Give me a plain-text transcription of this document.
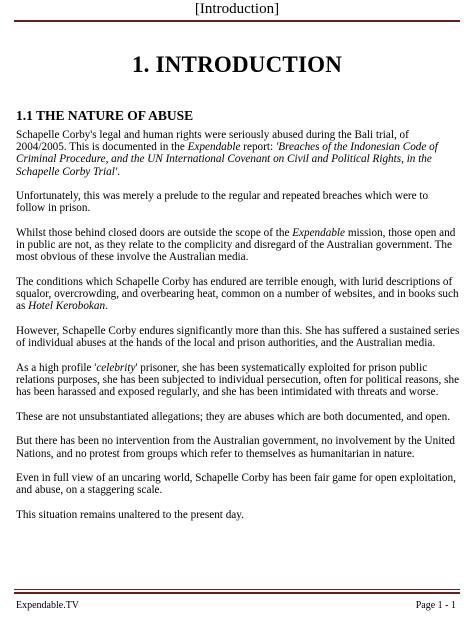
[Introduction]
1. INTRODUCTION
1.1 THE NATURE OF ABUSE

Schapelle Corby's legal and human rights were seriously abused during the Bali trial, of 2004/2005. This is documented in the Expendable report: 'Breaches of the Indonesian Code of Criminal Procedure, and the UN International Covenant on Civil and Political Rights, in the Schapelle Corby Trial'.

Unfortunately, this was merely a prelude to the regular and repeated breaches which were to follow in prison.

Whilst those behind closed doors are outside the scope of the Expendable mission, those open and in public are not, as they relate to the complicity and disregard of the Australian government. The most obvious of these involve the Australian media.

The conditions which Schapelle Corby has endured are terrible enough, with lurid descriptions of squalor, overcrowding, and overbearing heat, common on a number of websites, and in books such as Hotel Kerobokan.

However, Schapelle Corby endures significantly more than this. She has suffered a sustained series of individual abuses at the hands of the local and prison authorities, and the Australian media.

As a high profile 'celebrity' prisoner, she has been systematically exploited for prison public relations purposes, she has been subjected to individual persecution, often for political reasons, she has been harassed and exposed regularly, and she has been intimidated with threats and worse.

These are not unsubstantiated allegations; they are abuses which are both documented, and open.

But there has been no intervention from the Australian government, no involvement by the United Nations, and no protest from groups which refer to themselves as humanitarian in nature.

Even in full view of an uncaring world, Schapelle Corby has been fair game for open exploitation, and abuse, on a staggering scale.

This situation remains unaltered to the present day.

Expendable.TV	Page 1 - 1
